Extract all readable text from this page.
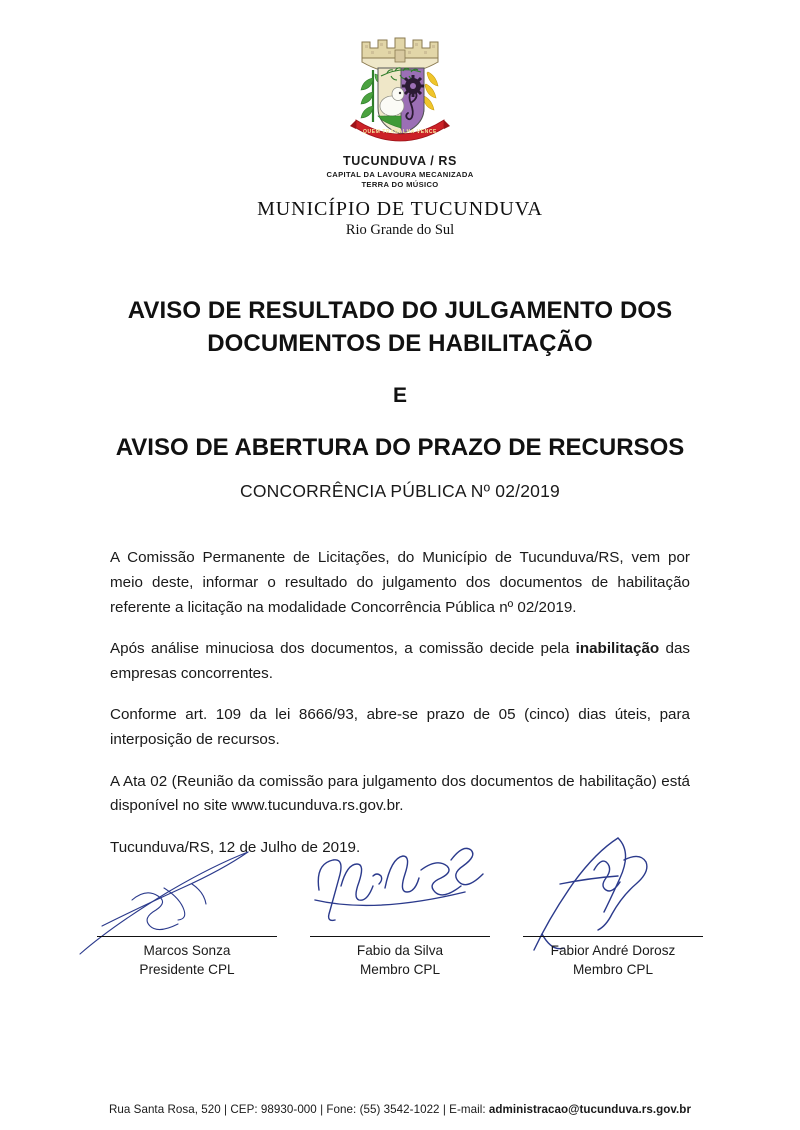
QUEM TRABALHA VENCE
TUCUNDUVA / RS
CAPITAL DA LAVOURA MECANIZADA
TERRA DO MÚSICO
MUNICÍPIO DE TUCUNDUVA
Rio Grande do Sul
AVISO DE RESULTADO DO JULGAMENTO DOS
DOCUMENTOS DE HABILITAÇÃO
E
AVISO DE ABERTURA DO PRAZO DE RECURSOS
CONCORRÊNCIA PÚBLICA Nº 02/2019

A Comissão Permanente de Licitações, do Município de Tucunduva/RS, vem por meio deste, informar o resultado do julgamento dos documentos de habilitação referente a licitação na modalidade Concorrência Pública nº 02/2019.

Após análise minuciosa dos documentos, a comissão decide pela inabilitação das empresas concorrentes.

Conforme art. 109 da lei 8666/93, abre-se prazo de 05 (cinco) dias úteis, para interposição de recursos.

A Ata 02 (Reunião da comissão para julgamento dos documentos de habilitação) está disponível no site www.tucunduva.rs.gov.br.

Tucunduva/RS, 12 de Julho de 2019.

Marcos Sonza
Presidente CPL
Fabio da Silva
Membro CPL
Fabior André Dorosz
Membro CPL
Rua Santa Rosa, 520 | CEP: 98930-000 | Fone: (55) 3542-1022 | E-mail: administracao@tucunduva.rs.gov.br
